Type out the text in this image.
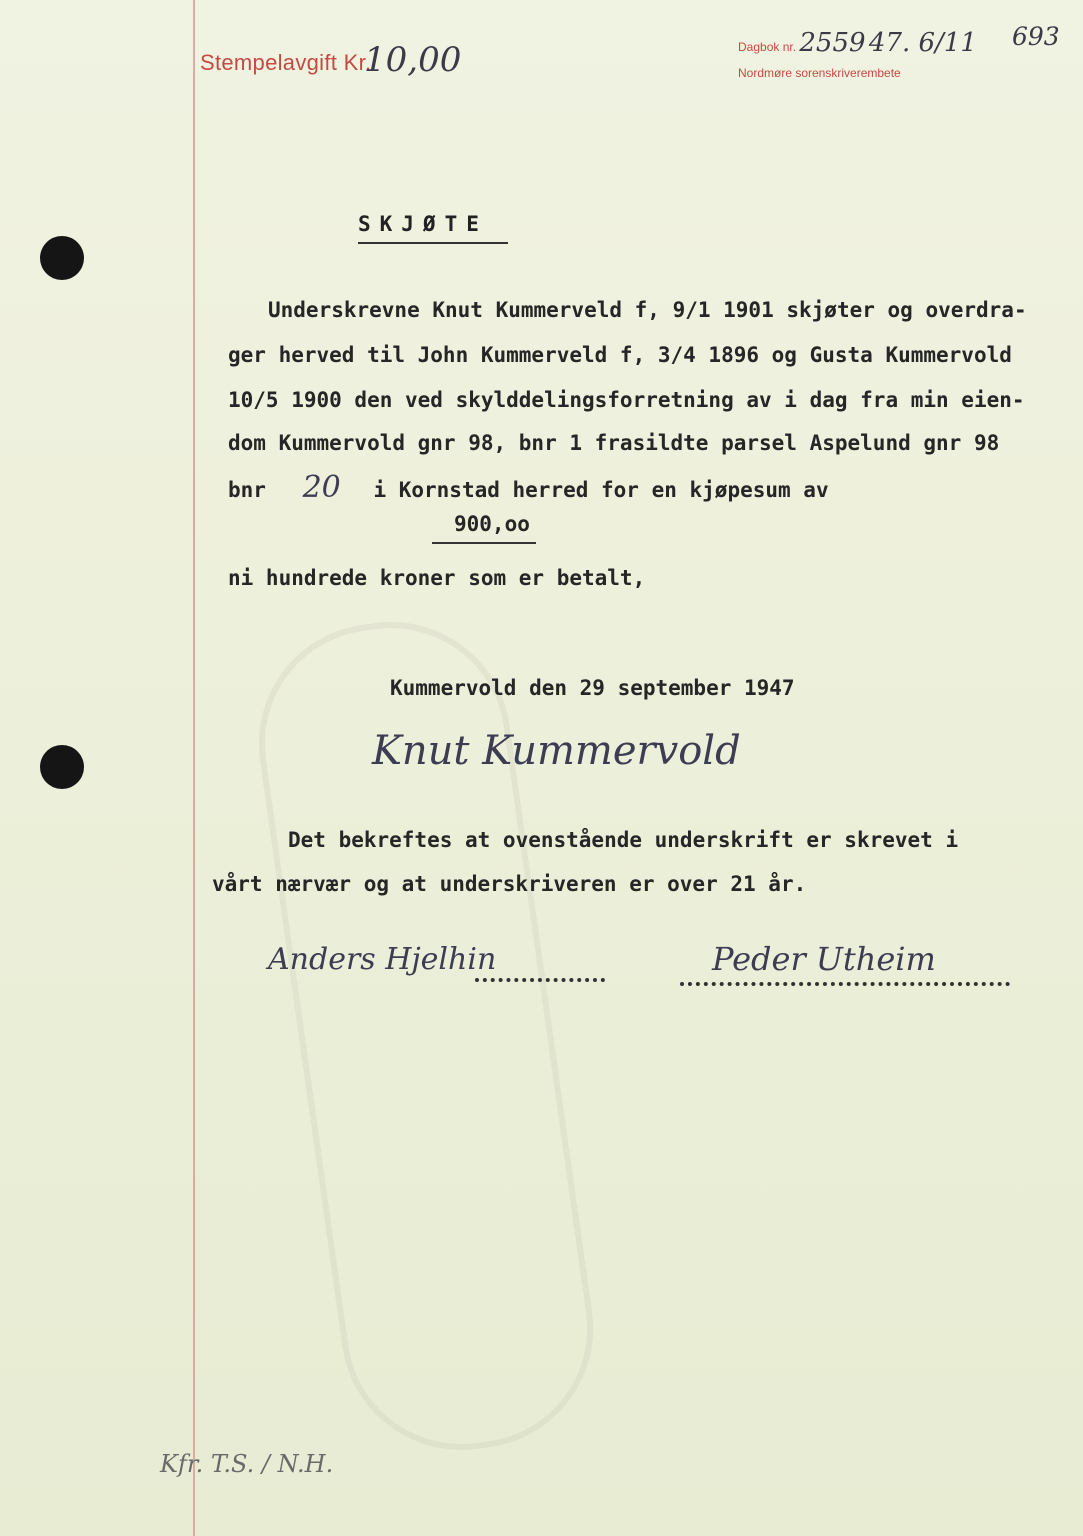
Stempelavgift Kr.
10,00	Dagbok nr. 2559 47. 6/11
Nordmøre sorenskriverembete
693
SKJØTE
Underskrevne Knut Kummerveld f, 9/1 1901 skjøter og overdra-
ger herved til John Kummerveld f, 3/4 1896 og Gusta Kummervold
10/5 1900 den ved skylddelingsforretning av i dag fra min eien-
dom Kummervold gnr 98, bnr 1 frasildte parsel Aspelund gnr 98
bnr 20 i Kornstad herred for en kjøpesum av
900,oo
ni hundrede kroner som er betalt,
Kummervold den 29 september 1947
Knut Kummervold
Det bekreftes at ovenstående underskrift er skrevet i
vårt nærvær og at underskriveren er over 21 år.
Anders Hjelhin	Peder Utheim
Kfr. T.S. / N.H.
